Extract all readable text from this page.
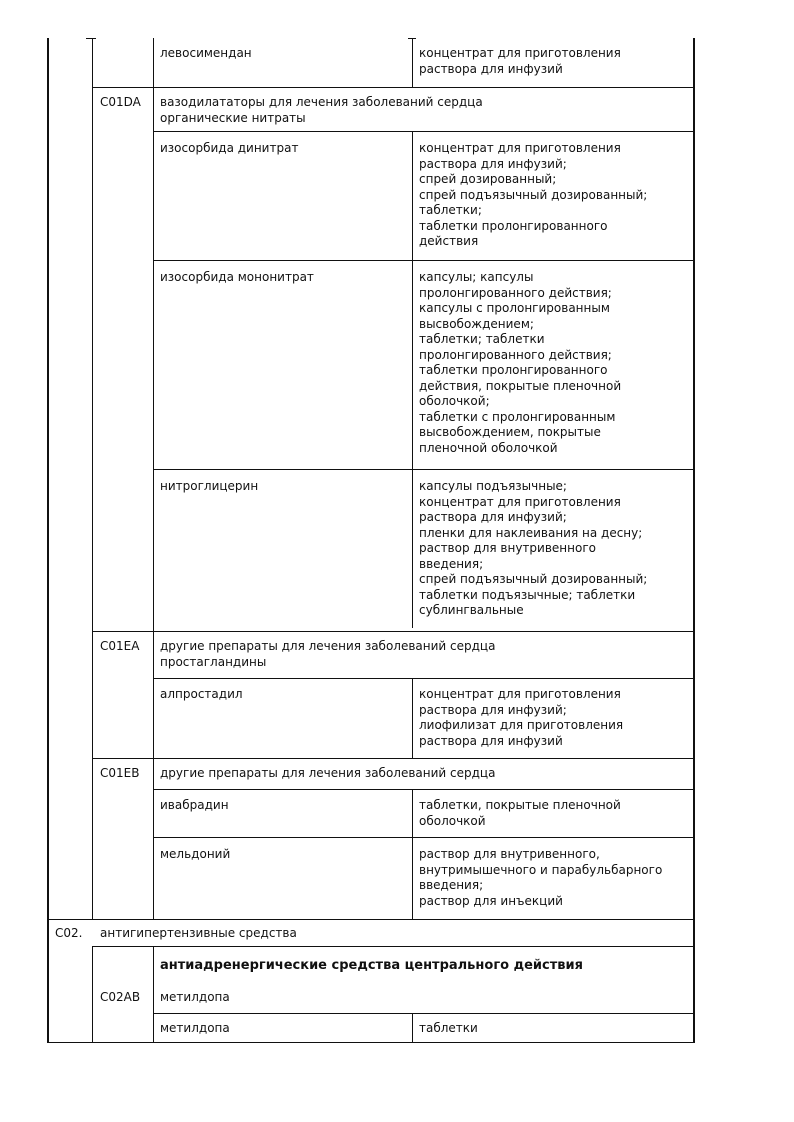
левосимендан	концентрат для приготовления
раствора для инфузий
C01DA вазодилататоры для лечения заболеваний сердца
органические нитраты
изосорбида динитрат	концентрат для приготовления
раствора для инфузий;
спрей дозированный;
спрей подъязычный дозированный;
таблетки;
таблетки пролонгированного
действия
изосорбида мононитрат	капсулы; капсулы
пролонгированного действия;
капсулы с пролонгированным
высвобождением;
таблетки; таблетки
пролонгированного действия;
таблетки пролонгированного
действия, покрытые пленочной
оболочкой;
таблетки с пролонгированным
высвобождением, покрытые
пленочной оболочкой
нитроглицерин	капсулы подъязычные;
концентрат для приготовления
раствора для инфузий;
пленки для наклеивания на десну;
раствор для внутривенного
введения;
спрей подъязычный дозированный;
таблетки подъязычные; таблетки
сублингвальные
C01EA другие препараты для лечения заболеваний сердца
простагландины
алпростадил	концентрат для приготовления
раствора для инфузий;
лиофилизат для приготовления
раствора для инфузий
C01EB другие препараты для лечения заболеваний сердца
ивабрадин	таблетки, покрытые пленочной
оболочкой
мельдоний	раствор для внутривенного,
внутримышечного и парабульбарного
введения;
раствор для инъекций
C02. антигипертензивные средства
антиадренергические средства центрального действия
C02AB метилдопа
метилдопа	таблетки
